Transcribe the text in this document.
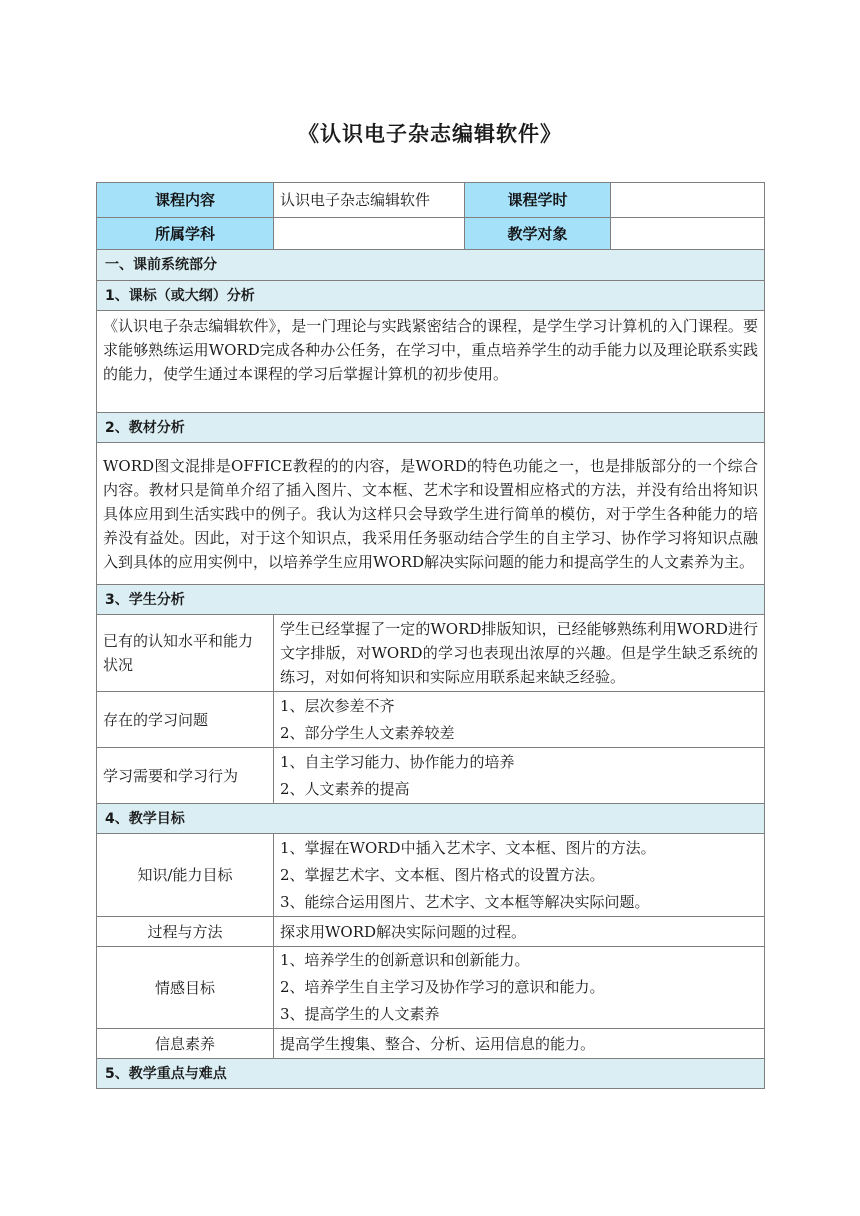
《认识电子杂志编辑软件》
课程内容	认识电子杂志编辑软件	课程学时	
所属学科		教学对象	
一、课前系统部分			
1、课标（或大纲）分析			
《认识电子杂志编辑软件》，是一门理论与实践紧密结合的课程，是学生学习计算机的入门课程。要求能够熟练运用WORD完成各种办公任务，在学习中，重点培养学生的动手能力以及理论联系实践的能力，使学生通过本课程的学习后掌握计算机的初步使用。			
2、教材分析			
WORD图文混排是OFFICE教程的的内容，是WORD的特色功能之一，也是排版部分的一个综合内容。教材只是简单介绍了插入图片、文本框、艺术字和设置相应格式的方法，并没有给出将知识具体应用到生活实践中的例子。我认为这样只会导致学生进行简单的模仿，对于学生各种能力的培养没有益处。因此，对于这个知识点，我采用任务驱动结合学生的自主学习、协作学习将知识点融入到具体的应用实例中，以培养学生应用WORD解决实际问题的能力和提高学生的人文素养为主。			
3、学生分析			
已有的认知水平和能力状况	学生已经掌握了一定的WORD排版知识，已经能够熟练利用WORD进行文字排版，对WORD的学习也表现出浓厚的兴趣。但是学生缺乏系统的练习，对如何将知识和实际应用联系起来缺乏经验。		
存在的学习问题	1、层次参差不齐
2、部分学生人文素养较差		

学习需要和学习行为	1、自主学习能力、协作能力的培养
2、人文素养的提高		

4、教学目标			
知识/能力目标	1、掌握在WORD中插入艺术字、文本框、图片的方法。
2、掌握艺术字、文本框、图片格式的设置方法。
3、能综合运用图片、艺术字、文本框等解决实际问题。		

过程与方法	探求用WORD解决实际问题的过程。		
情感目标	1、培养学生的创新意识和创新能力。
2、培养学生自主学习及协作学习的意识和能力。
3、提高学生的人文素养		

信息素养	提高学生搜集、整合、分析、运用信息的能力。		
5、教学重点与难点			
